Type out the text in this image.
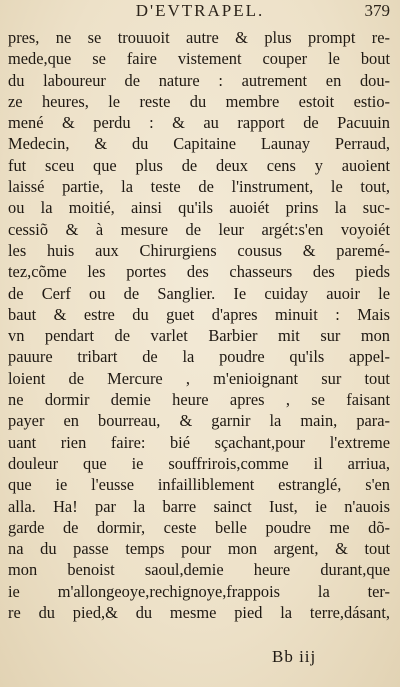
D'EVTRAPEL.	379
pres, ne se trouuoit autre & plus prompt re-
mede,que se faire vistement couper le bout
du laboureur de nature : autrement en dou-
ze heures, le reste du membre estoit estio-
mené & perdu : & au rapport de Pacuuin
Medecin, & du Capitaine Launay Perraud,
fut sceu que plus de deux cens y auoient
laissé partie, la teste de l'instrument, le tout,
ou la moitié, ainsi qu'ils auoiét prins la suc-
cessiõ & à mesure de leur argét:s'en voyoiét
les huis aux Chirurgiens cousus & paremé-
tez,cõme les portes des chasseurs des pieds
de Cerf ou de Sanglier. Ie cuiday auoir le
baut & estre du guet d'apres minuit : Mais
vn pendart de varlet Barbier mit sur mon
pauure tribart de la poudre qu'ils appel-
loient de Mercure , m'enioignant sur tout
ne dormir demie heure apres , se faisant
payer en bourreau, & garnir la main, para-
uant rien faire: bié sçachant,pour l'extreme
douleur que ie souffrirois,comme il arriua,
que ie l'eusse infailliblement estranglé, s'en
alla. Ha! par la barre sainct Iust, ie n'auois
garde de dormir, ceste belle poudre me dõ-
na du passe temps pour mon argent, & tout
mon benoist saoul,demie heure durant,que
ie m'allongeoye,rechignoye,frappois la ter-
re du pied,& du mesme pied la terre,dásant,
Bb iij
